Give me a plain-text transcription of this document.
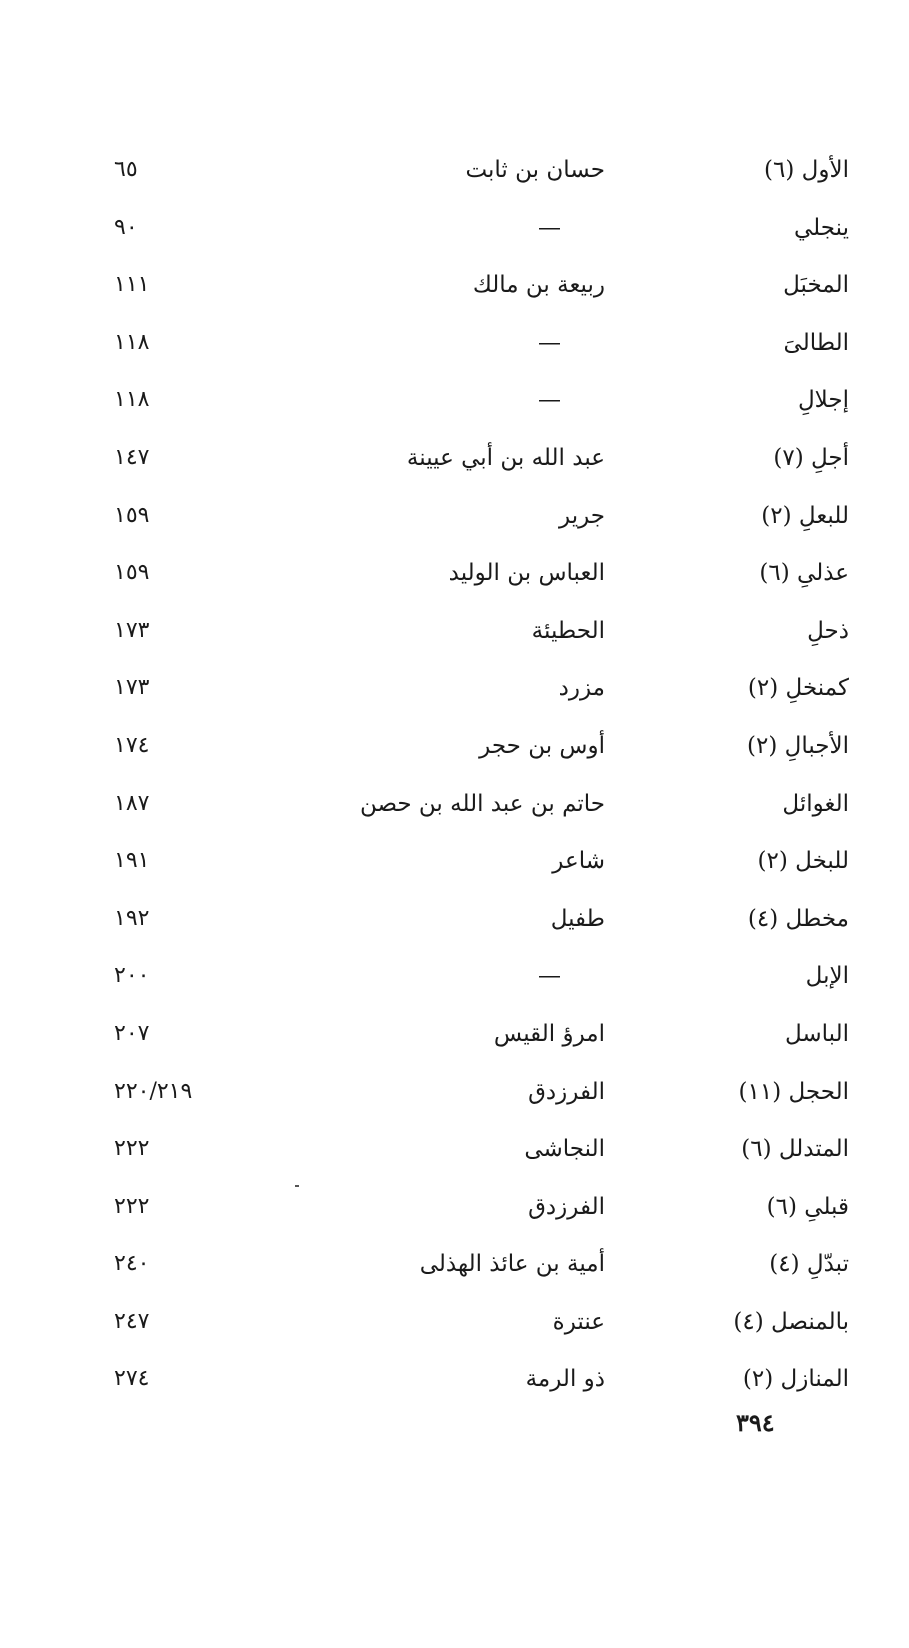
الأول (٦)
حسان بن ثابت
٦٥
ينجلي
—
٩٠
المخبَل
ربيعة بن مالك
١١١
الطالىَ
—
١١٨
إجلالِ
—
١١٨
أجلِ (٧)
عبد الله بن أبي عيينة
١٤٧
للبعلِ (٢)
جرير
١٥٩
عذلىِ (٦)
العباس بن الوليد
١٥٩
ذحلِ
الحطيئة
١٧٣
كمنخلِ (٢)
مزرد
١٧٣
الأجبالِ (٢)
أوس بن حجر
١٧٤
الغوائل
حاتم بن عبد الله بن حصن
١٨٧
للبخل (٢)
شاعر
١٩١
مخطل (٤)
طفيل
١٩٢
الإبل
—
٢٠٠
الباسل
امرؤ القيس
٢٠٧
الحجل (١١)
الفرزدق
٢٢٠/٢١٩
المتدلل (٦)
النجاشى
٢٢٢
قبلىِ (٦)
الفرزدق
٢٢٢
تبدّلِ (٤)
أمية بن عائذ الهذلى
٢٤٠
بالمنصل (٤)
عنترة
٢٤٧
المنازل (٢)
ذو الرمة
٢٧٤
٣٩٤
